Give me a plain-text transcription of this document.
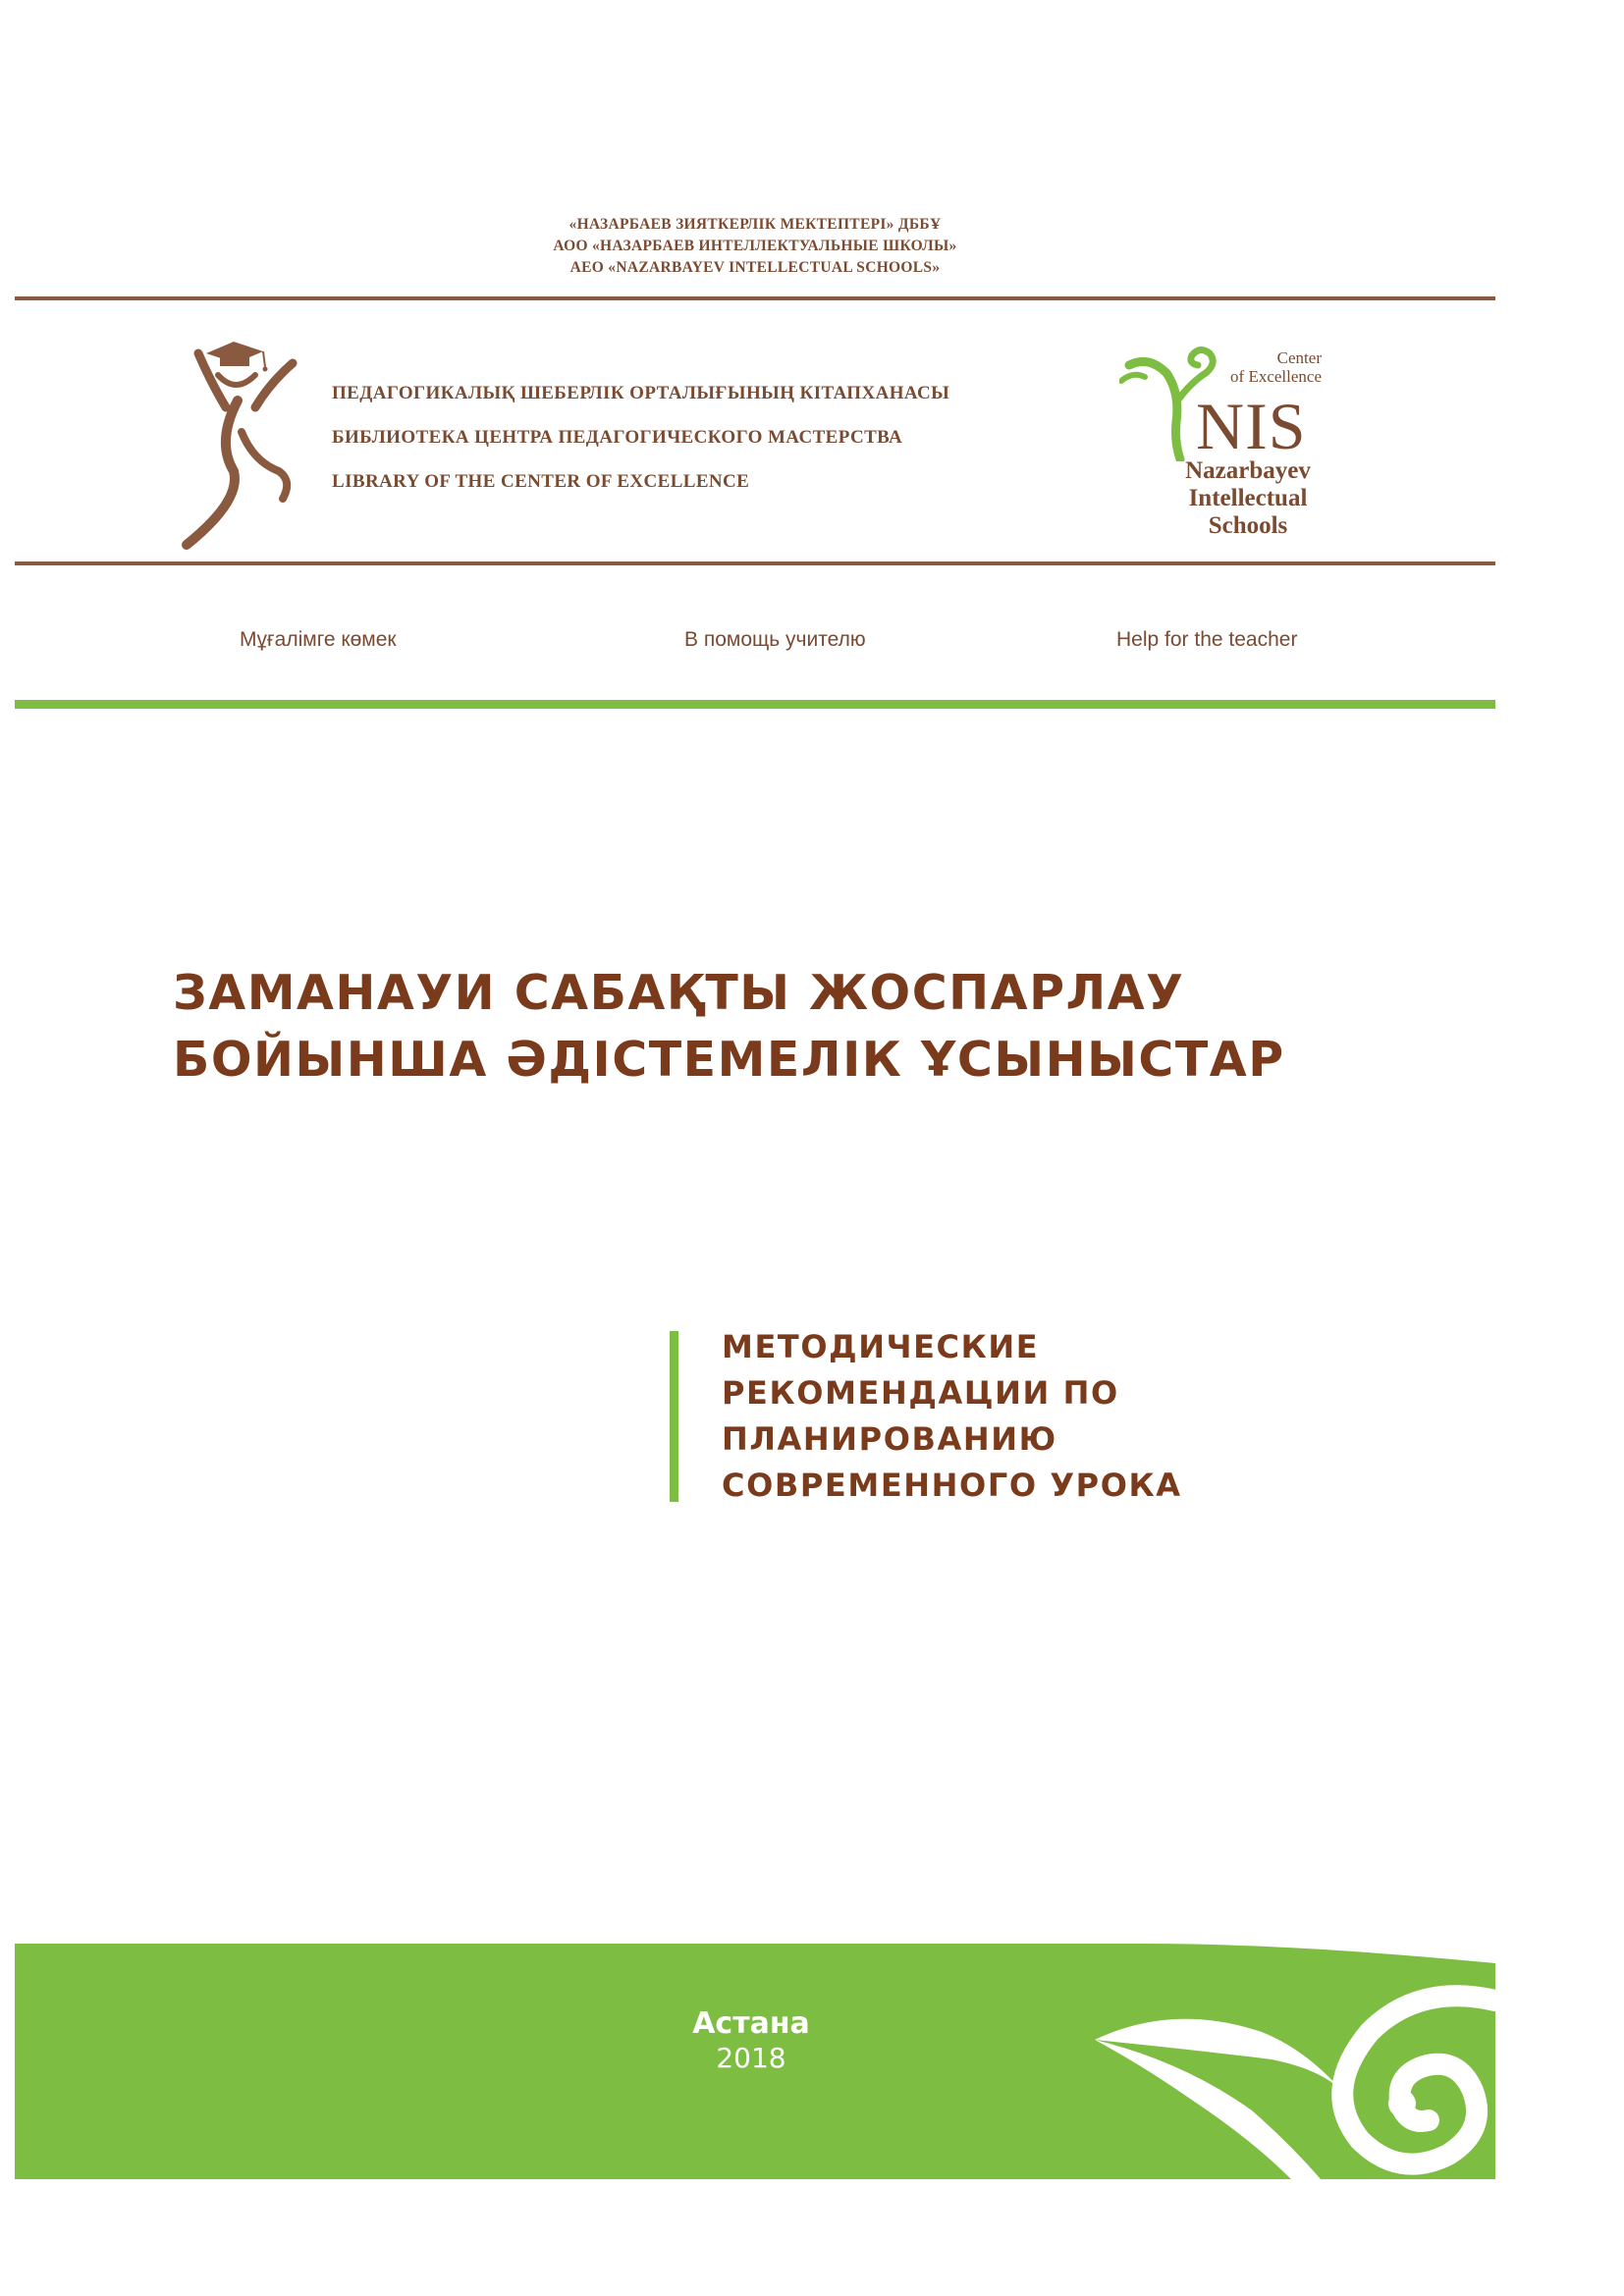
«НАЗАРБАЕВ ЗИЯТКЕРЛІК МЕКТЕПТЕРІ» ДББҰ
АОО «НАЗАРБАЕВ ИНТЕЛЛЕКТУАЛЬНЫЕ ШКОЛЫ»
AEO «NAZARBAYEV INTELLECTUAL SCHOOLS»
ПЕДАГОГИКАЛЫҚ ШЕБЕРЛІК ОРТАЛЫҒЫНЫҢ КІТАПХАНАСЫ
БИБЛИОТЕКА ЦЕНТРА ПЕДАГОГИЧЕСКОГО МАСТЕРСТВА
LIBRARY OF THE CENTER OF EXCELLENCE
Center
of Excellence
NIS
Nazarbayev
Intellectual
Schools
Мұғалімге көмек	В помощь учителю	Help for the teacher
ЗАМАНАУИ САБАҚТЫ ЖОСПАРЛАУ
БОЙЫНША ӘДІСТЕМЕЛІК ҰСЫНЫСТАР
МЕТОДИЧЕСКИЕ
РЕКОМЕНДАЦИИ ПО
ПЛАНИРОВАНИЮ
СОВРЕМЕННОГО УРОКА
Астана
2018
